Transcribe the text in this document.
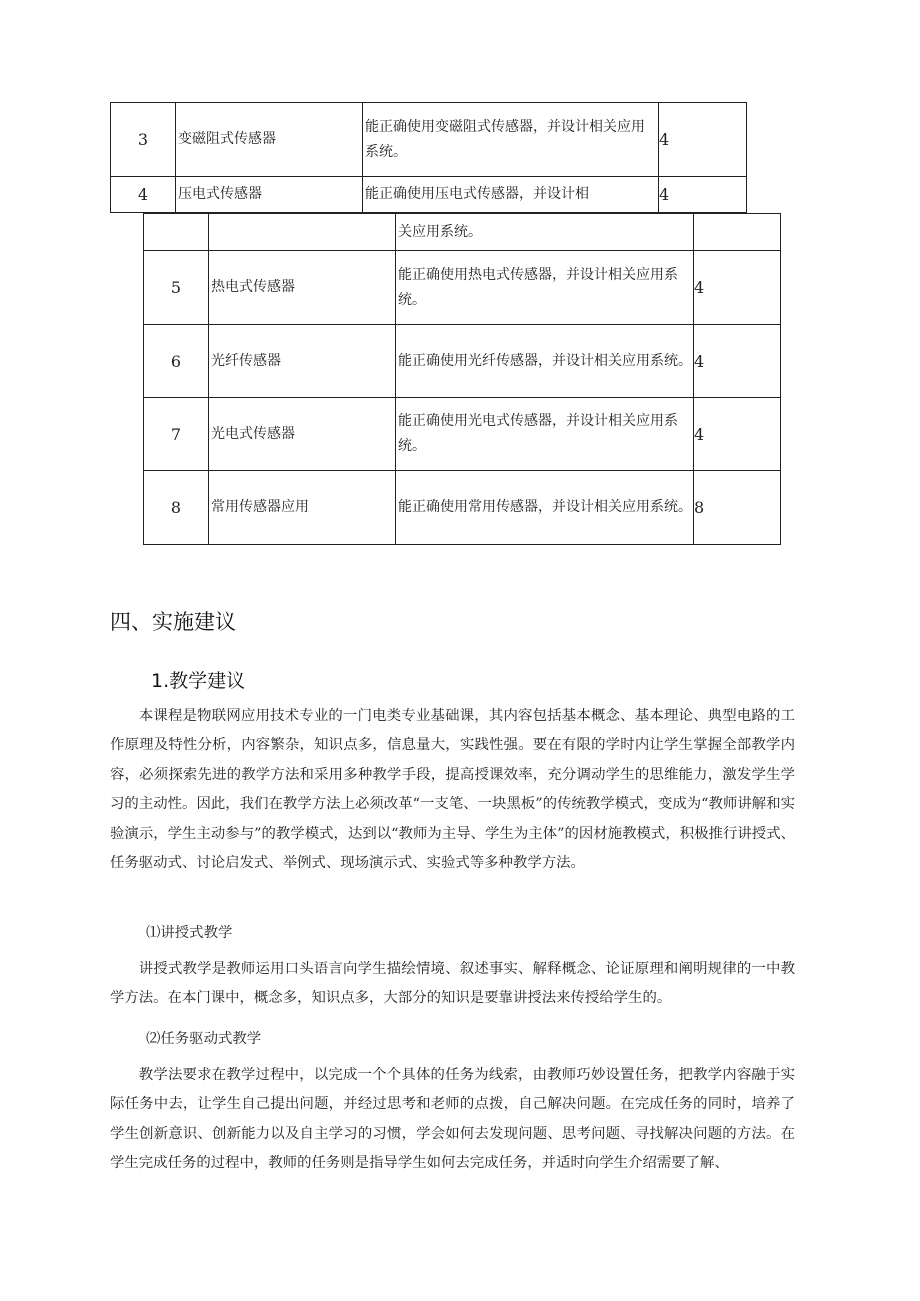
3	变磁阻式传感器	能正确使用变磁阻式传感器，并设计相关应用系统。	4
4	压电式传感器	能正确使用压电式传感器，并设计相	4
		关应用系统。	
5	热电式传感器	能正确使用热电式传感器，并设计相关应用系统。	4
6	光纤传感器	能正确使用光纤传感器，并设计相关应用系统。	4
7	光电式传感器	能正确使用光电式传感器，并设计相关应用系统。	4
8	常用传感器应用	能正确使用常用传感器，并设计相关应用系统。	8
四、实施建议
1.教学建议

本课程是物联网应用技术专业的一门电类专业基础课，其内容包括基本概念、基本理论、典型电路的工作原理及特性分析，内容繁杂，知识点多，信息量大，实践性强。要在有限的学时内让学生掌握全部教学内容，必须探索先进的教学方法和采用多种教学手段，提高授课效率，充分调动学生的思维能力，激发学生学习的主动性。因此，我们在教学方法上必须改革“一支笔、一块黑板”的传统教学模式，变成为“教师讲解和实验演示，学生主动参与”的教学模式，达到以“教师为主导、学生为主体”的因材施教模式，积极推行讲授式、任务驱动式、讨论启发式、举例式、现场演示式、实验式等多种教学方法。

⑴讲授式教学

讲授式教学是教师运用口头语言向学生描绘情境、叙述事实、解释概念、论证原理和阐明规律的一中教学方法。在本门课中，概念多，知识点多，大部分的知识是要靠讲授法来传授给学生的。

⑵任务驱动式教学

教学法要求在教学过程中，以完成一个个具体的任务为线索，由教师巧妙设置任务，把教学内容融于实际任务中去，让学生自己提出问题，并经过思考和老师的点拨，自己解决问题。在完成任务的同时，培养了学生创新意识、创新能力以及自主学习的习惯，学会如何去发现问题、思考问题、寻找解决问题的方法。在学生完成任务的过程中，教师的任务则是指导学生如何去完成任务，并适时向学生介绍需要了解、
